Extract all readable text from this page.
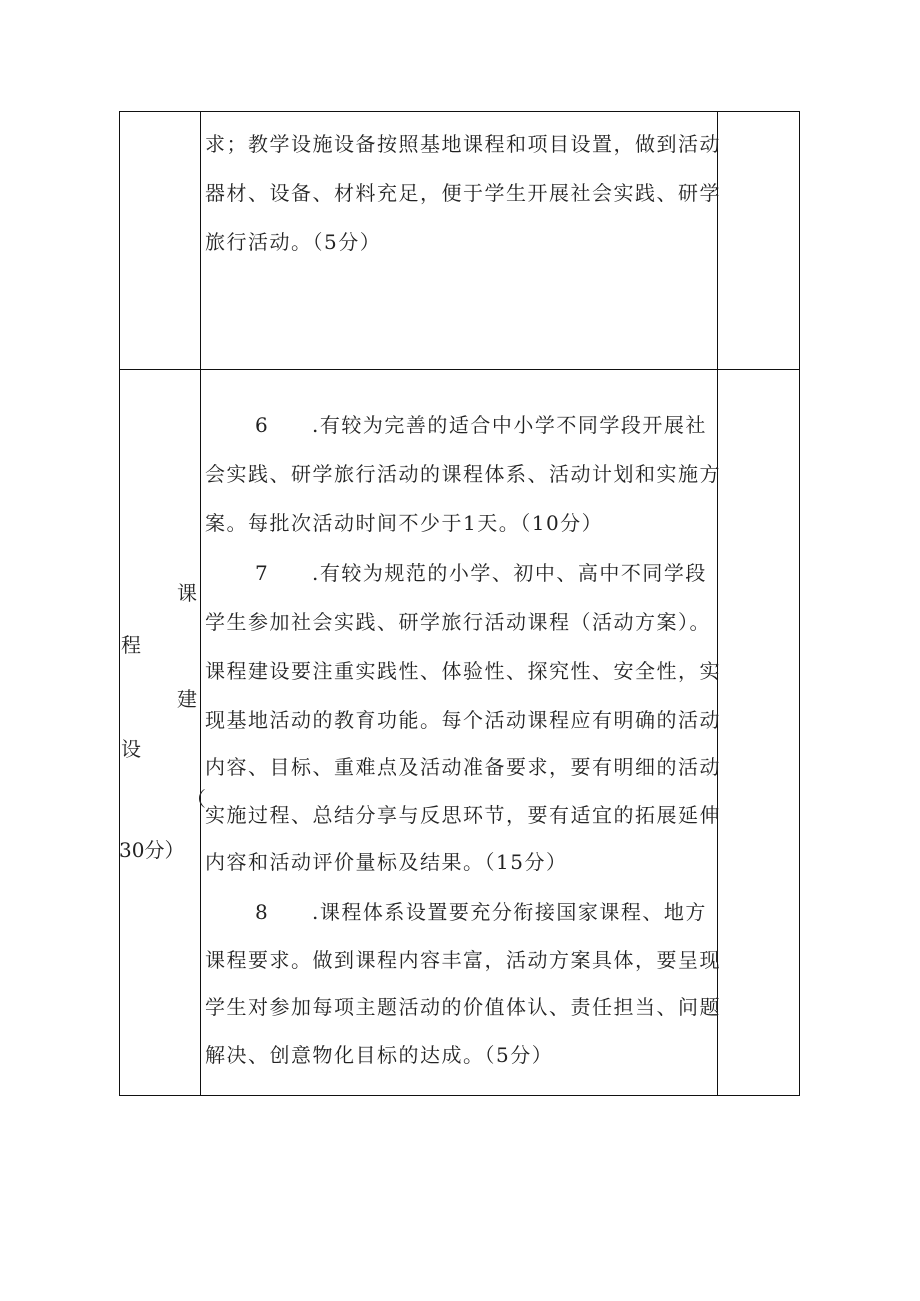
求；教学设施设备按照基地课程和项目设置，做到活动
器材、设备、材料充足，便于学生开展社会实践、研学
旅行活动。（5分）
课
程
建
设
（
30分）
6 .有较为完善的适合中小学不同学段开展社
会实践、研学旅行活动的课程体系、活动计划和实施方
案。每批次活动时间不少于1天。（10分）
7 .有较为规范的小学、初中、高中不同学段
学生参加社会实践、研学旅行活动课程（活动方案）。
课程建设要注重实践性、体验性、探究性、安全性，实
现基地活动的教育功能。每个活动课程应有明确的活动
内容、目标、重难点及活动准备要求，要有明细的活动
实施过程、总结分享与反思环节，要有适宜的拓展延伸
内容和活动评价量标及结果。（15分）
8 .课程体系设置要充分衔接国家课程、地方
课程要求。做到课程内容丰富，活动方案具体，要呈现
学生对参加每项主题活动的价值体认、责任担当、问题
解决、创意物化目标的达成。（5分）
